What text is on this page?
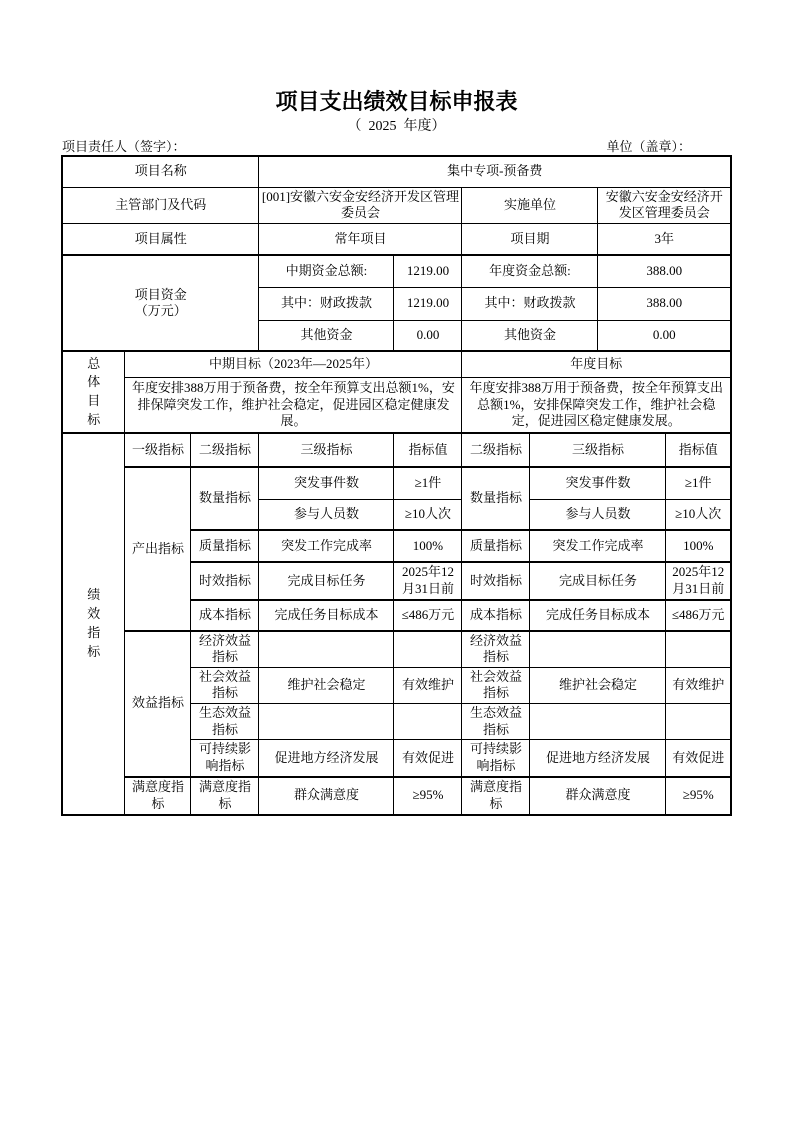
项目支出绩效目标申报表
（  2025  年度）
项目责任人（签字）：	单位（盖章）：
项目名称			集中专项-预备费					
主管部门及代码			[001]安徽六安金安经济开发区管理委员会		实施单位		安徽六安金安经济开发区管理委员会	
项目属性			常年项目		项目期		3年	

项目资金
（万元）			中期资金总额:	1219.00	年度资金总额:		388.00	
			其中：财政拨款	1219.00	其中：财政拨款		388.00	
			其他资金	0.00	其他资金		0.00	

总体目标	中期目标（2023年—2025年）				年度目标			
	年度安排388万用于预备费，按全年预算支出总额1%，安排保障突发工作，维护社会稳定，促进园区稳定健康发展。				年度安排388万用于预备费，按全年预算支出总额1%，安排保障突发工作，维护社会稳定，促进园区稳定健康发展。			

绩效指标	一级指标	二级指标	三级指标	指标值	二级指标	三级指标		指标值
	产出指标	数量指标	突发事件数	≥1件	数量指标	突发事件数		≥1件
			参与人员数	≥10人次		参与人员数		≥10人次
		质量指标	突发工作完成率	100%	质量指标	突发工作完成率		100%
		时效指标	完成目标任务	2025年12月31日前	时效指标	完成目标任务		2025年12月31日前
		成本指标	完成任务目标成本	≤486万元	成本指标	完成任务目标成本		≤486万元
	效益指标	经济效益指标			经济效益指标			
		社会效益指标	维护社会稳定	有效维护	社会效益指标	维护社会稳定		有效维护
		生态效益指标			生态效益指标			
		可持续影响指标	促进地方经济发展	有效促进	可持续影响指标	促进地方经济发展		有效促进
	满意度指标	满意度指标	群众满意度	≥95%	满意度指标	群众满意度		≥95%
